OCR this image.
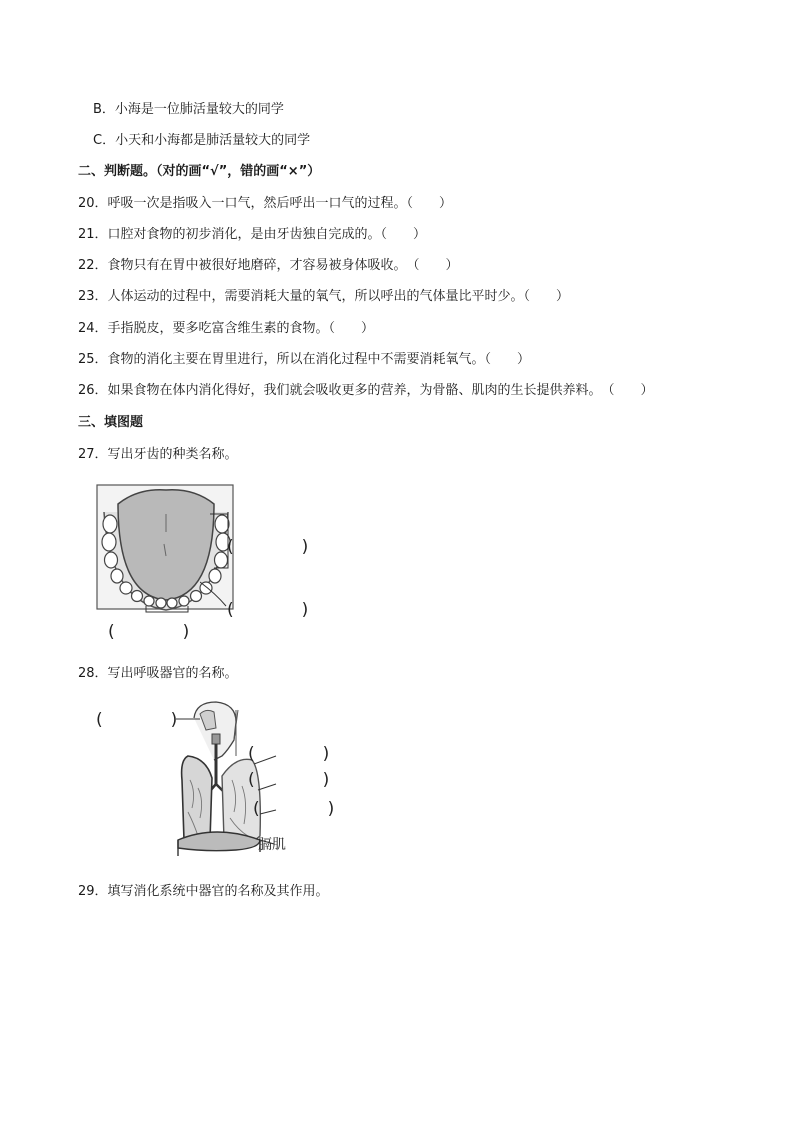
B．小海是一位肺活量较大的同学
C．小天和小海都是肺活量较大的同学
二、判断题。（对的画“√”，错的画“×”）
20．呼吸一次是指吸入一口气，然后呼出一口气的过程。（　　）
21．口腔对食物的初步消化，是由牙齿独自完成的。（　　）
22．食物只有在胃中被很好地磨碎，才容易被身体吸收。　（　　）
23．人体运动的过程中，需要消耗大量的氧气，所以呼出的气体量比平时少。（　　）
24．手指脱皮，要多吃富含维生素的食物。（　　）
25．食物的消化主要在胃里进行，所以在消化过程中不需要消耗氧气。（　　）
26．如果食物在体内消化得好，我们就会吸收更多的营养，为骨骼、肌肉的生长提供养料。　（　　）
三、填图题
27．写出牙齿的种类名称。
(　　　　)
(　　　　)
(　　　　)
28．写出呼吸器官的名称。
(　　　　)
(　　　　)
(　　　　)
(　　　　)
膈肌
29．填写消化系统中器官的名称及其作用。
